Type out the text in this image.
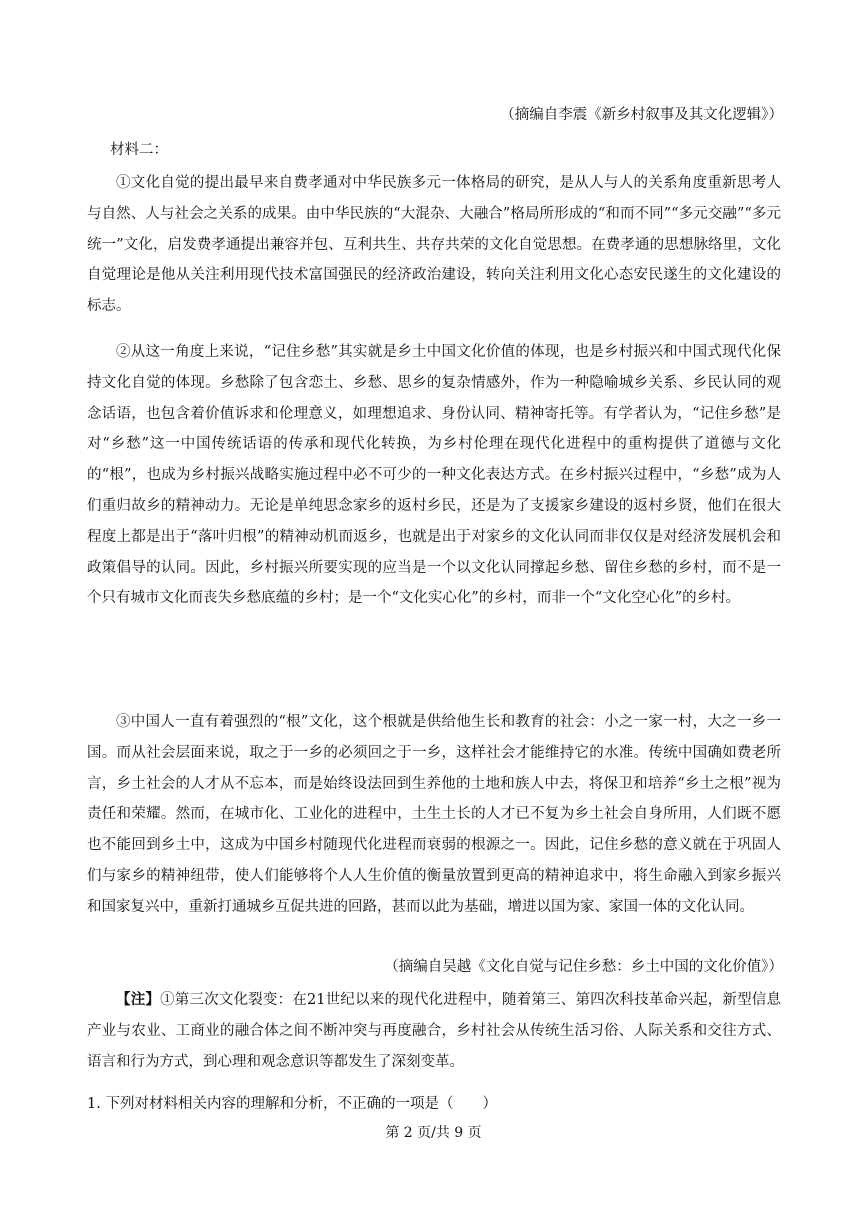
（摘编自李震《新乡村叙事及其文化逻辑》）
材料二：

①文化自觉的提出最早来自费孝通对中华民族多元一体格局的研究，是从人与人的关系角度重新思考人与自然、人与社会之关系的成果。由中华民族的“大混杂、大融合”格局所形成的“和而不同”“多元交融”“多元统一”文化，启发费孝通提出兼容并包、互利共生、共存共荣的文化自觉思想。在费孝通的思想脉络里，文化自觉理论是他从关注利用现代技术富国强民的经济政治建设，转向关注利用文化心态安民遂生的文化建设的标志。

②从这一角度上来说，“记住乡愁”其实就是乡土中国文化价值的体现，也是乡村振兴和中国式现代化保持文化自觉的体现。乡愁除了包含恋土、乡愁、思乡的复杂情感外，作为一种隐喻城乡关系、乡民认同的观念话语，也包含着价值诉求和伦理意义，如理想追求、身份认同、精神寄托等。有学者认为，“记住乡愁”是对“乡愁”这一中国传统话语的传承和现代化转换，为乡村伦理在现代化进程中的重构提供了道德与文化的“根”，也成为乡村振兴战略实施过程中必不可少的一种文化表达方式。在乡村振兴过程中，“乡愁”成为人们重归故乡的精神动力。无论是单纯思念家乡的返村乡民，还是为了支援家乡建设的返村乡贤，他们在很大程度上都是出于“落叶归根”的精神动机而返乡，也就是出于对家乡的文化认同而非仅仅是对经济发展机会和政策倡导的认同。因此，乡村振兴所要实现的应当是一个以文化认同撑起乡愁、留住乡愁的乡村，而不是一个只有城市文化而丧失乡愁底蕴的乡村；是一个“文化实心化”的乡村，而非一个“文化空心化”的乡村。

③中国人一直有着强烈的“根”文化，这个根就是供给他生长和教育的社会：小之一家一村，大之一乡一国。而从社会层面来说，取之于一乡的必须回之于一乡，这样社会才能维持它的水准。传统中国确如费老所言，乡土社会的人才从不忘本，而是始终设法回到生养他的土地和族人中去，将保卫和培养“乡土之根”视为责任和荣耀。然而，在城市化、工业化的进程中，土生土长的人才已不复为乡土社会自身所用，人们既不愿也不能回到乡土中，这成为中国乡村随现代化进程而衰弱的根源之一。因此，记住乡愁的意义就在于巩固人们与家乡的精神纽带，使人们能够将个人人生价值的衡量放置到更高的精神追求中，将生命融入到家乡振兴和国家复兴中，重新打通城乡互促共进的回路，甚而以此为基础，增进以国为家、家国一体的文化认同。

（摘编自吴越《文化自觉与记住乡愁：乡土中国的文化价值》）

【注】①第三次文化裂变：在21世纪以来的现代化进程中，随着第三、第四次科技革命兴起，新型信息产业与农业、工商业的融合体之间不断冲突与再度融合，乡村社会从传统生活习俗、人际关系和交往方式、语言和行为方式，到心理和观念意识等都发生了深刻变革。

1. 下列对材料相关内容的理解和分析，不正确的一项是（　　）
第 2 页/共 9 页
